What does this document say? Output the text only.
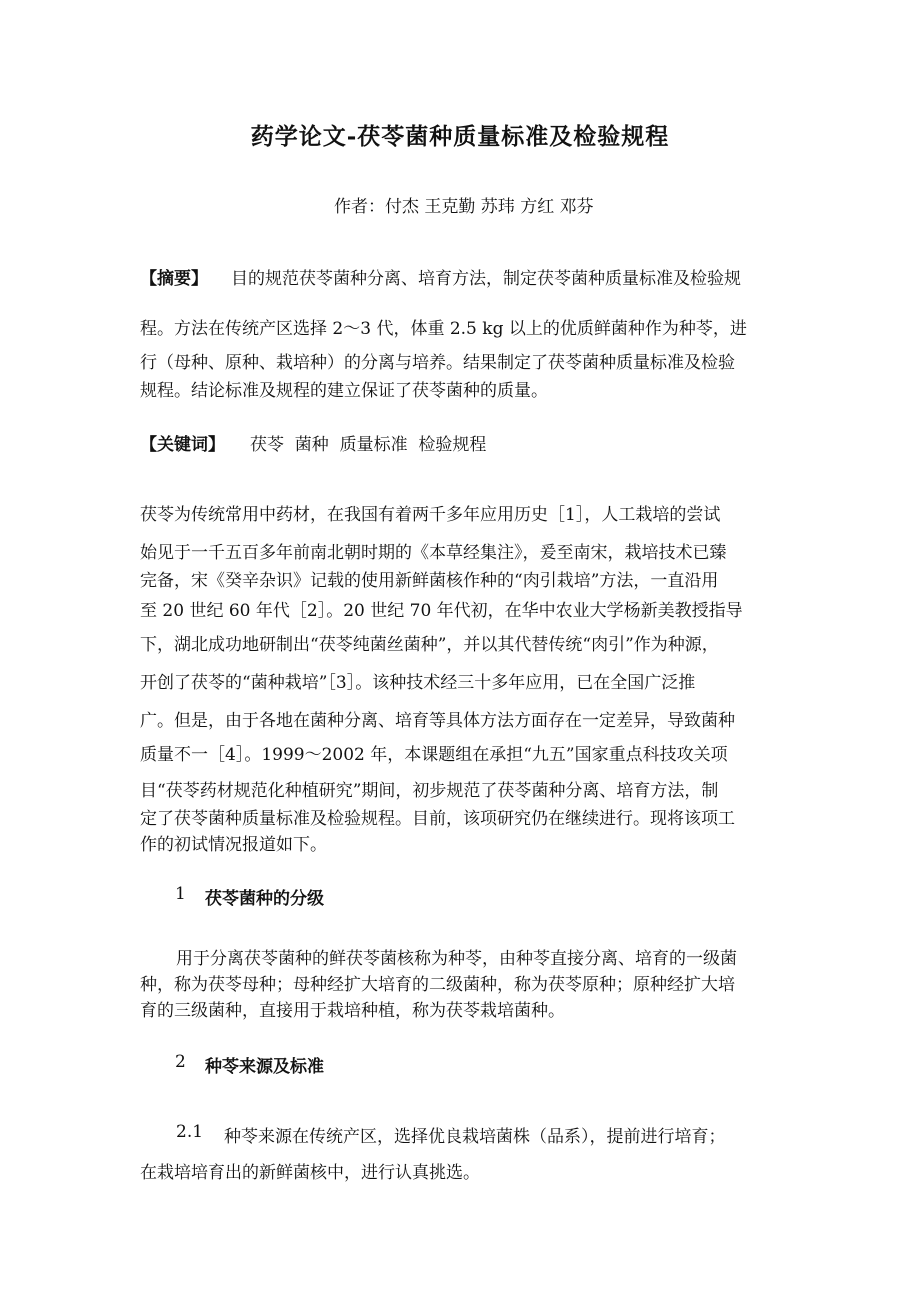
药学论文-茯苓菌种质量标准及检验规程
作者：付杰 王克勤 苏玮 方红 邓芬
【摘要】 目的规范茯苓菌种分离、培育方法，制定茯苓菌种质量标准及检验规
程。方法在传统产区选择 2～3 代，体重 2.5 kg 以上的优质鲜菌种作为种苓，进
行（母种、原种、栽培种）的分离与培养。结果制定了茯苓菌种质量标准及检验
规程。结论标准及规程的建立保证了茯苓菌种的质量。
【关键词】 茯苓  菌种  质量标准  检验规程
茯苓为传统常用中药材，在我国有着两千多年应用历史［1］，人工栽培的尝试
始见于一千五百多年前南北朝时期的《本草经集注》，爰至南宋，栽培技术已臻
完备，宋《癸辛杂识》记载的使用新鲜菌核作种的“肉引栽培”方法，一直沿用
至 20 世纪 60 年代［2］。20 世纪 70 年代初，在华中农业大学杨新美教授指导
下，湖北成功地研制出“茯苓纯菌丝菌种”，并以其代替传统“肉引”作为种源，
开创了茯苓的“菌种栽培”［3］。该种技术经三十多年应用，已在全国广泛推
广。但是，由于各地在菌种分离、培育等具体方法方面存在一定差异，导致菌种
质量不一［4］。1999～2002 年，本课题组在承担“九五”国家重点科技攻关项
目“茯苓药材规范化种植研究”期间，初步规范了茯苓菌种分离、培育方法，制
定了茯苓菌种质量标准及检验规程。目前，该项研究仍在继续进行。现将该项工
作的初试情况报道如下。
1 茯苓菌种的分级
用于分离茯苓菌种的鲜茯苓菌核称为种苓，由种苓直接分离、培育的一级菌
种，称为茯苓母种；母种经扩大培育的二级菌种，称为茯苓原种；原种经扩大培
育的三级菌种，直接用于栽培种植，称为茯苓栽培菌种。
2 种苓来源及标准
2.1 种苓来源在传统产区，选择优良栽培菌株（品系），提前进行培育；
在栽培培育出的新鲜菌核中，进行认真挑选。
